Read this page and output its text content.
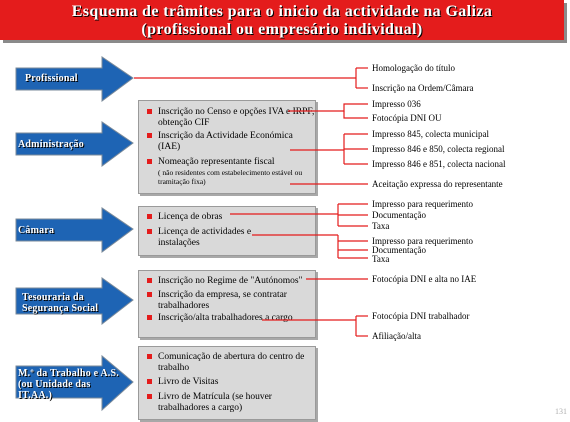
Esquema de trâmites para o inicio da actividade na Galiza
(profissional ou empresário individual)
Profissional
Administração
Câmara
Tesouraria da
Segurança Social
M.º da Trabalho e A.S.
(ou Unidade das
IT.AA.)
Inscrição no Censo e opções IVA e IRPF, obtenção CIF
Inscrição da Actividade Económica (IAE)
Nomeação representante fiscal
( não residentes com estabelecimento estável ou tramitação fixa)
Licença de obras
Licença de actividades e instalações
Inscrição no Regime de "Autónomos"
Inscrição da empresa, se contratar trabalhadores
Inscrição/alta trabalhadores a cargo
Comunicação de abertura do centro de trabalho
Livro de Visitas
Livro de Matrícula (se houver trabalhadores a cargo)
Homologação do título
Inscrição na Ordem/Câmara
Impresso 036
Fotocópia DNI OU
Impresso 845, colecta municipal
Impresso 846 e 850, colecta regional
Impresso 846 e 851, colecta nacional
Aceitação expressa do representante
Impresso para requerimento
Documentação
Taxa
Impresso para requerimento
Documentação
Taxa
Fotocópia DNI e alta no IAE
Fotocópia DNI trabalhador
Afiliação/alta
131
